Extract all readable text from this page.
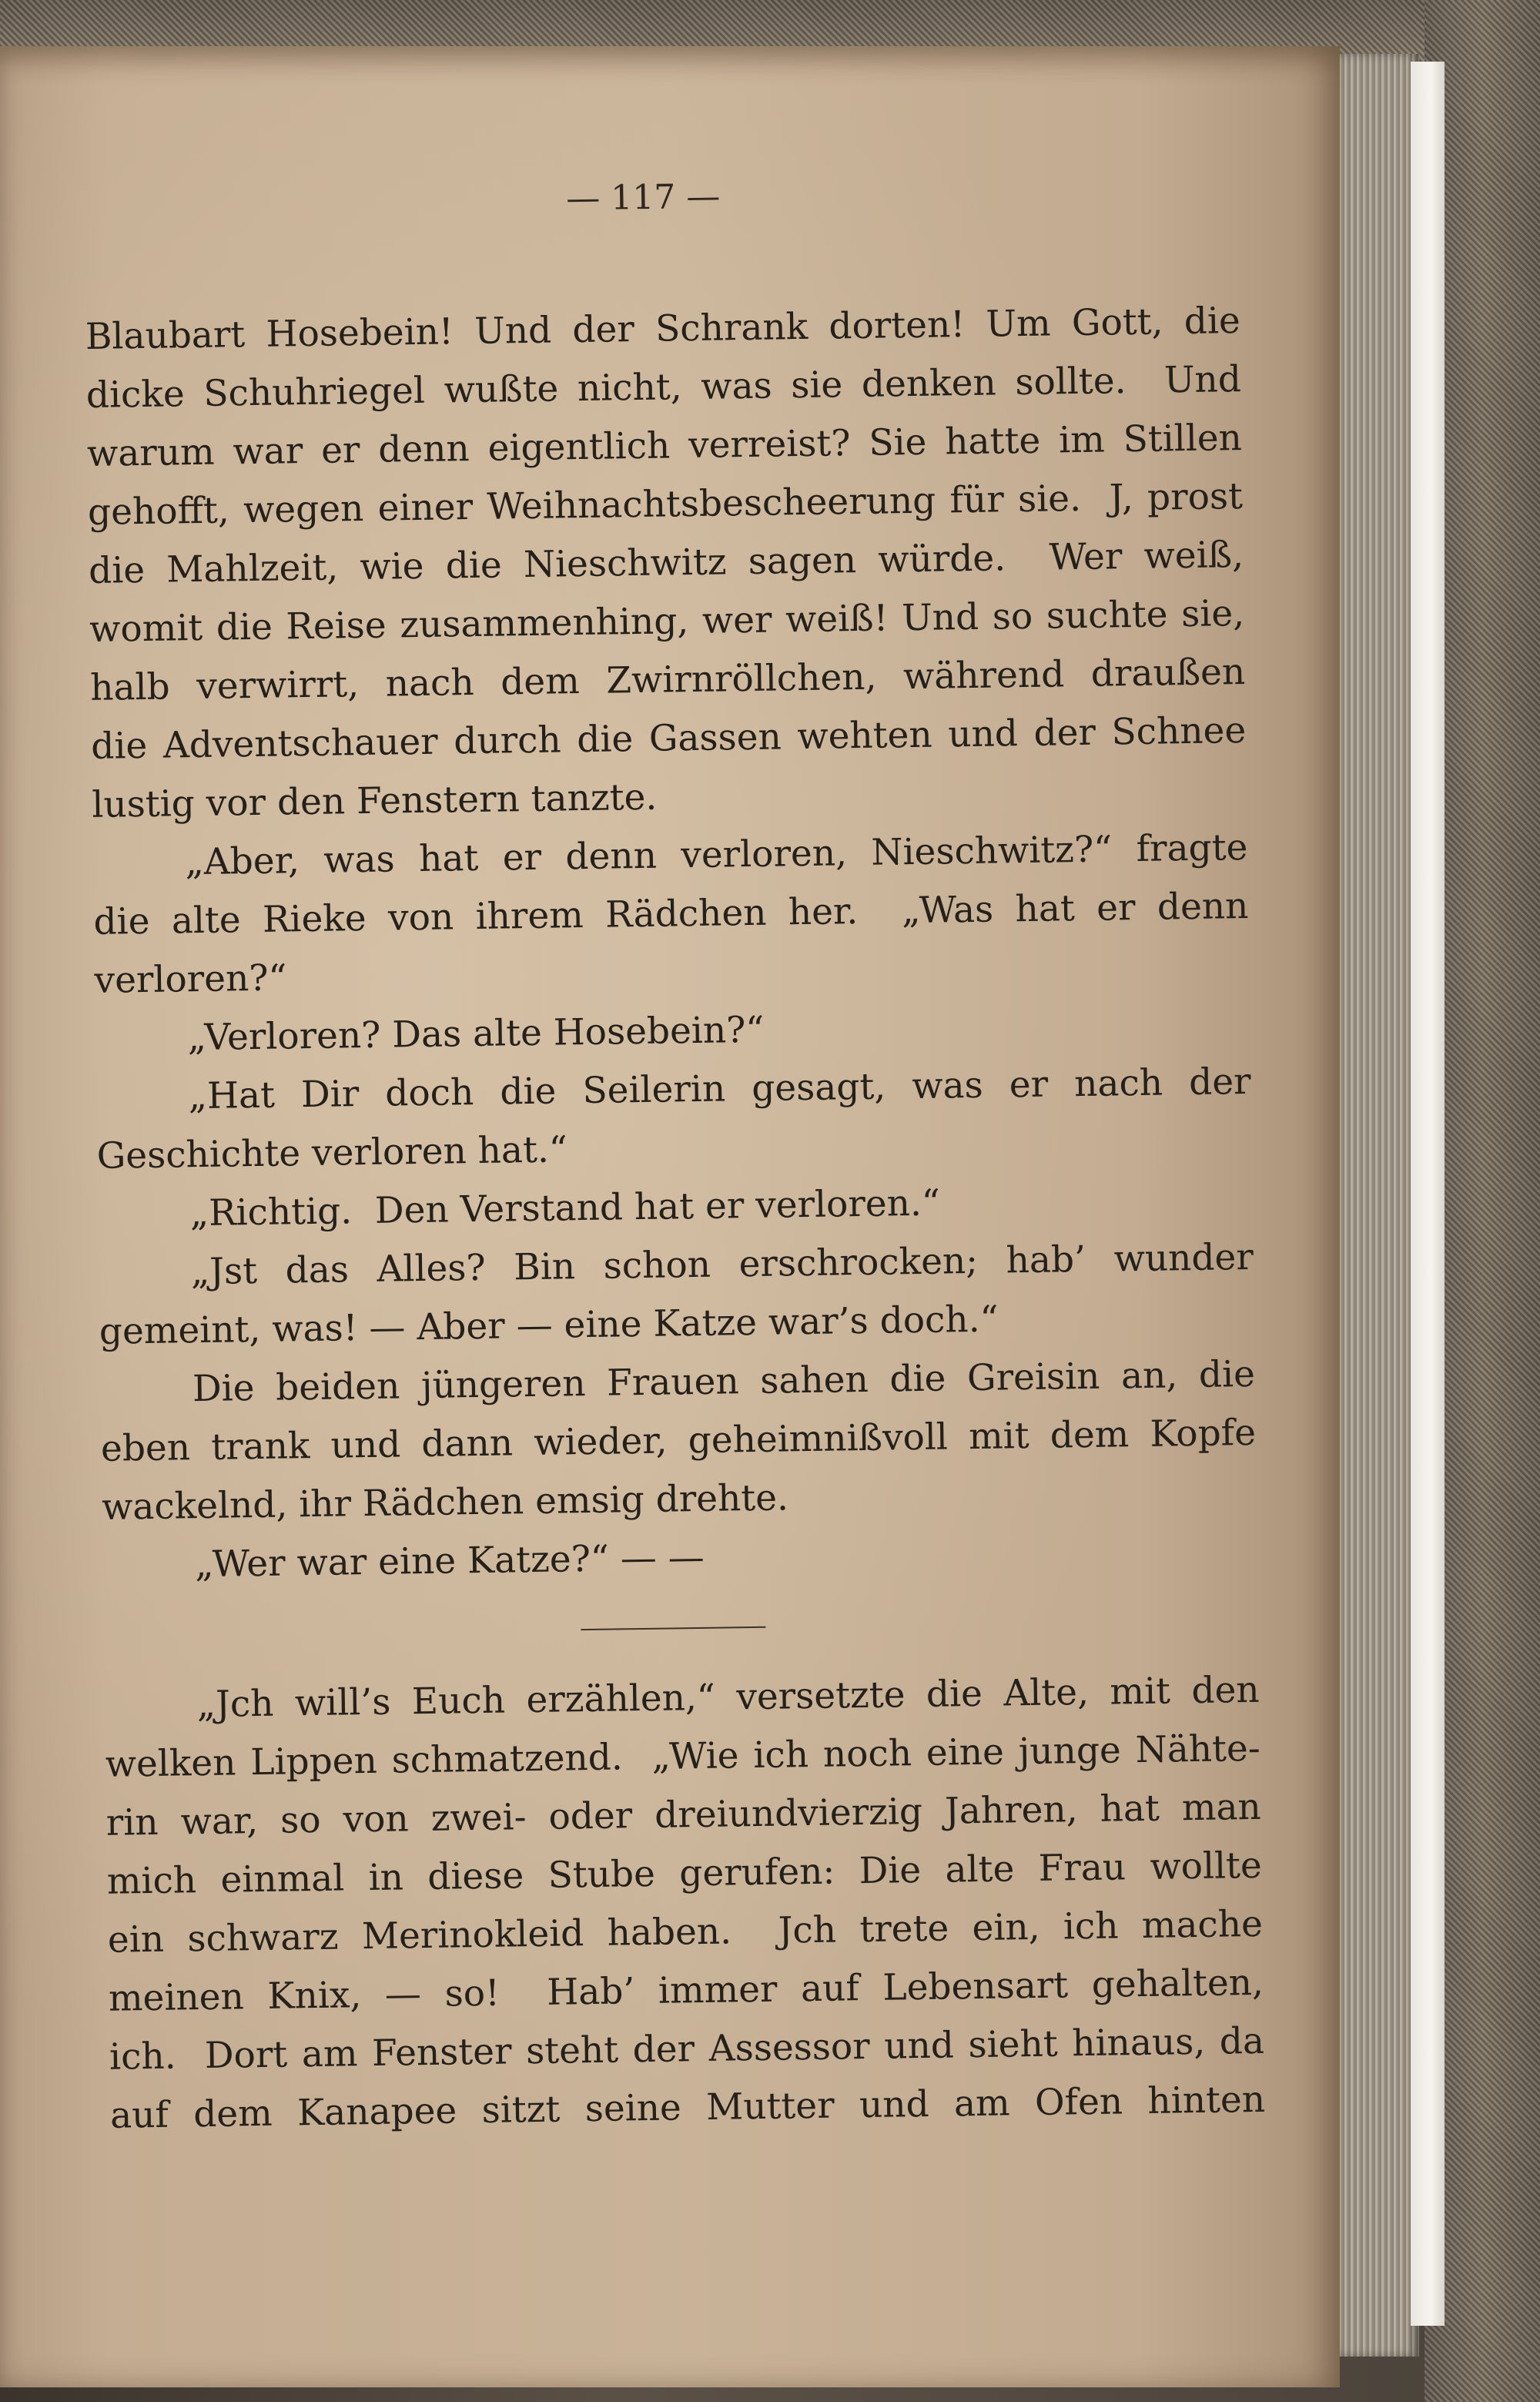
— 117 —
Blaubart Hosebein! Und der Schrank dorten! Um Gott, die
dicke Schuhriegel wußte nicht, was sie denken sollte.  Und
warum war er denn eigentlich verreist? Sie hatte im Stillen
gehofft, wegen einer Weihnachtsbescheerung für sie.  J, prost
die Mahlzeit, wie die Nieschwitz sagen würde.  Wer weiß,
womit die Reise zusammenhing, wer weiß! Und so suchte sie,
halb verwirrt, nach dem Zwirnröllchen, während draußen
die Adventschauer durch die Gassen wehten und der Schnee
lustig vor den Fenstern tanzte.
„Aber, was hat er denn verloren, Nieschwitz?“ fragte
die alte Rieke von ihrem Rädchen her.  „Was hat er denn
verloren?“
„Verloren? Das alte Hosebein?“
„Hat Dir doch die Seilerin gesagt, was er nach der
Geschichte verloren hat.“
„Richtig.  Den Verstand hat er verloren.“
„Jst das Alles? Bin schon erschrocken; hab’ wunder
gemeint, was! — Aber — eine Katze war’s doch.“
Die beiden jüngeren Frauen sahen die Greisin an, die
eben trank und dann wieder, geheimnißvoll mit dem Kopfe
wackelnd, ihr Rädchen emsig drehte.
„Wer war eine Katze?“ — —
„Jch will’s Euch erzählen,“ versetzte die Alte, mit den
welken Lippen schmatzend.  „Wie ich noch eine junge Nähte-
rin war, so von zwei- oder dreiundvierzig Jahren, hat man
mich einmal in diese Stube gerufen: Die alte Frau wollte
ein schwarz Merinokleid haben.  Jch trete ein, ich mache
meinen Knix, — so!  Hab’ immer auf Lebensart gehalten,
ich.  Dort am Fenster steht der Assessor und sieht hinaus, da
auf dem Kanapee sitzt seine Mutter und am Ofen hinten
